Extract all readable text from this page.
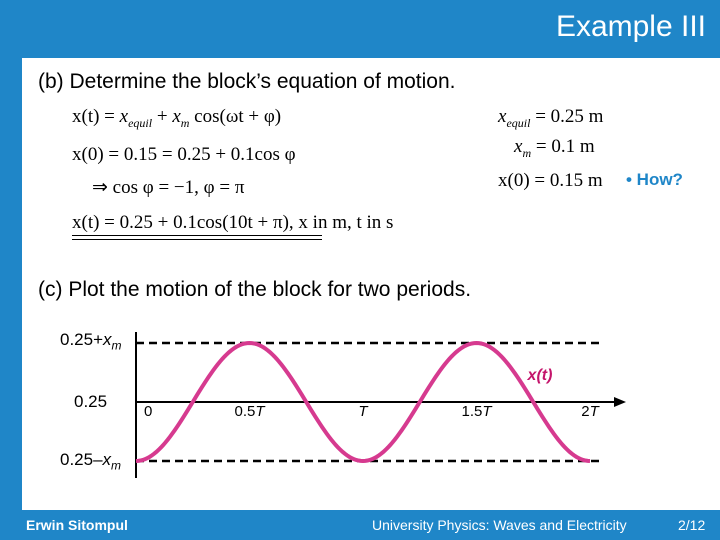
Example III
(b) Determine the block’s equation of motion.
$x(t) = x_{equil} + x_m$ cos(ωt + φ)
x(0) = 0.15 = 0.25 + 0.1cos φ
⇒ cos φ = −1, φ = π
x(t) = 0.25 + 0.1cos(10t + π), x in m, t in s
$x_{equil} = 0.25$ m
$x_m = 0.1$ m
x(0) = 0.15 m • How?
(c) Plot the motion of the block for two periods.
$0.25+x_m$
0.25
$0.25-x_m$
0	0.5T	T	1.5T	2T
x(t)
Erwin Sitompul	University Physics: Waves and Electricity	2/12
